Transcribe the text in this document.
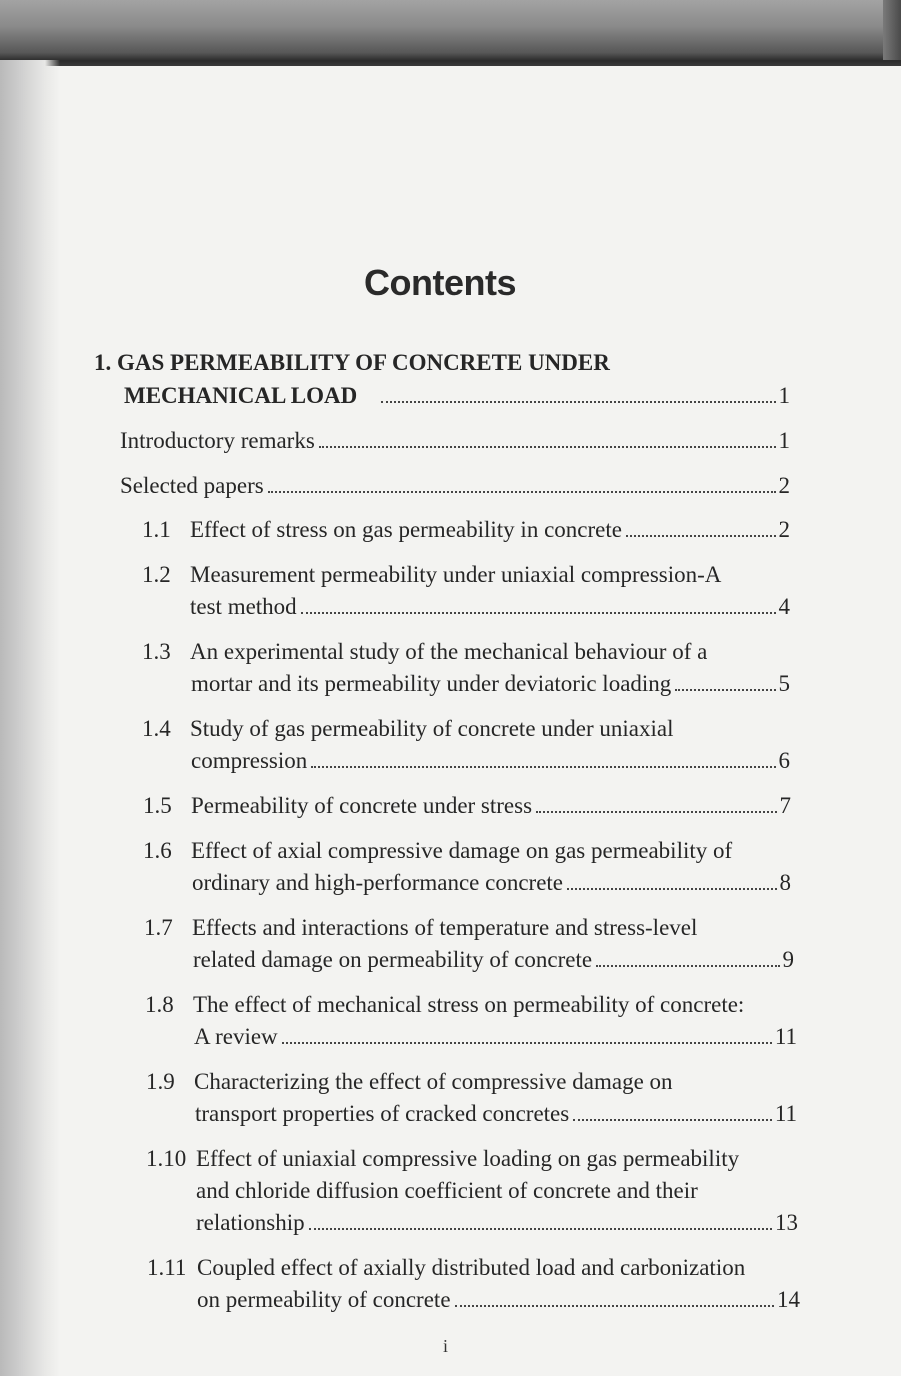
Contents
1. GAS PERMEABILITY OF CONCRETE UNDER
MECHANICAL LOAD	1
Introductory remarks	1
Selected papers	2
1.1 Effect of stress on gas permeability in concrete	2
1.2 Measurement permeability under uniaxial compression-A
test method	4
1.3 An experimental study of the mechanical behaviour of a
mortar and its permeability under deviatoric loading	5
1.4 Study of gas permeability of concrete under uniaxial
compression	6
1.5 Permeability of concrete under stress	7
1.6 Effect of axial compressive damage on gas permeability of
ordinary and high-performance concrete	8
1.7 Effects and interactions of temperature and stress-level
related damage on permeability of concrete	9
1.8 The effect of mechanical stress on permeability of concrete:
A review	11
1.9 Characterizing the effect of compressive damage on
transport properties of cracked concretes	11
1.10 Effect of uniaxial compressive loading on gas permeability
and chloride diffusion coefficient of concrete and their
relationship	13
1.11 Coupled effect of axially distributed load and carbonization
on permeability of concrete	14
i
